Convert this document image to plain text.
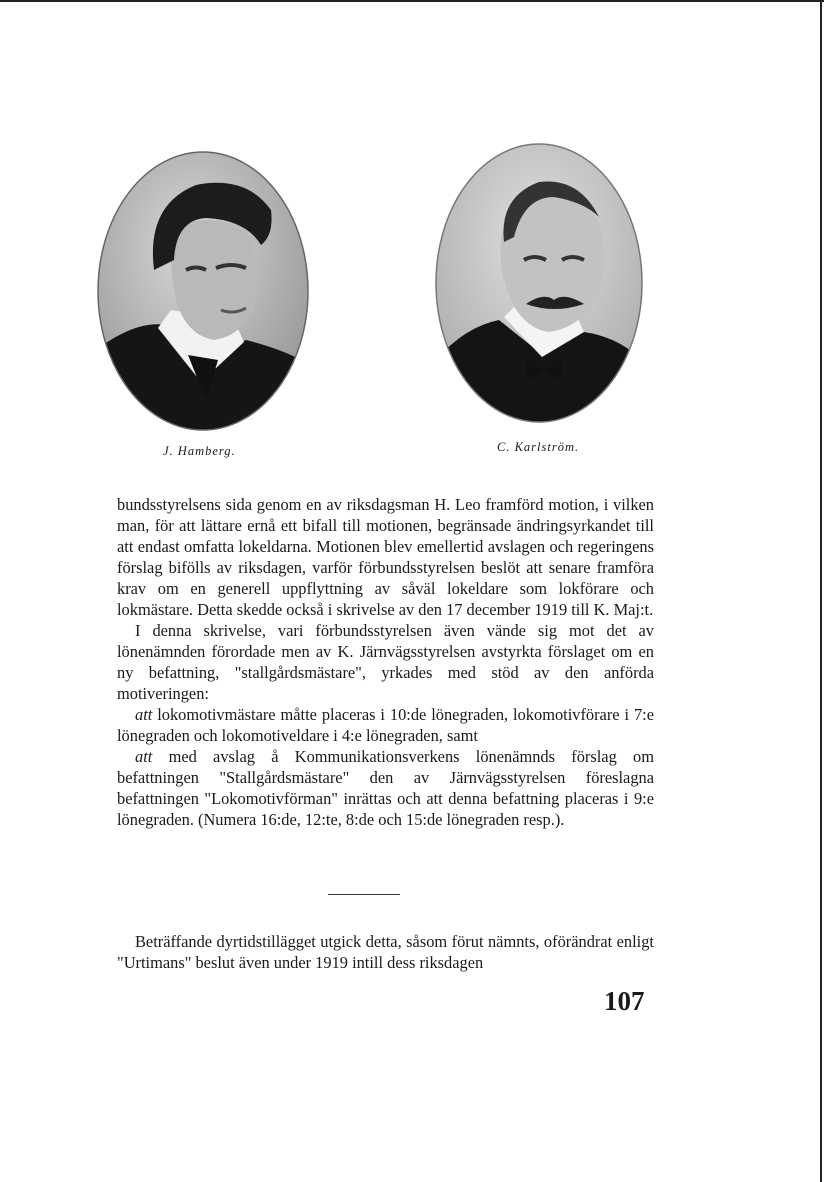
J. Hamberg.	C. Karlström.

bundsstyrelsens sida genom en av riksdagsman H. Leo framförd motion, i vilken man, för att lättare ernå ett bifall till motionen, begränsade ändringsyrkandet till att endast omfatta lokeldarna. Motionen blev emellertid avslagen och regeringens förslag bifölls av riksdagen, varför förbundsstyrelsen beslöt att senare framföra krav om en generell uppflyttning av såväl lokeldare som lokförare och lokmästare. Detta skedde också i skrivelse av den 17 december 1919 till K. Maj:t.

I denna skrivelse, vari förbundsstyrelsen även vände sig mot det av lönenämnden förordade men av K. Järnvägsstyrelsen avstyrkta förslaget om en ny befattning, "stallgårdsmästare", yrkades med stöd av den anförda motiveringen:

att lokomotivmästare måtte placeras i 10:de lönegraden, lokomotivförare i 7:e lönegraden och lokomotiveldare i 4:e lönegraden, samt

att med avslag å Kommunikationsverkens lönenämnds förslag om befattningen "Stallgårdsmästare" den av Järnvägsstyrelsen föreslagna befattningen "Lokomotivförman" inrättas och att denna befattning placeras i 9:e lönegraden. (Numera 16:de, 12:te, 8:de och 15:de lönegraden resp.).

Beträffande dyrtidstillägget utgick detta, såsom förut nämnts, oförändrat enligt "Urtimans" beslut även under 1919 intill dess riksdagen

107
